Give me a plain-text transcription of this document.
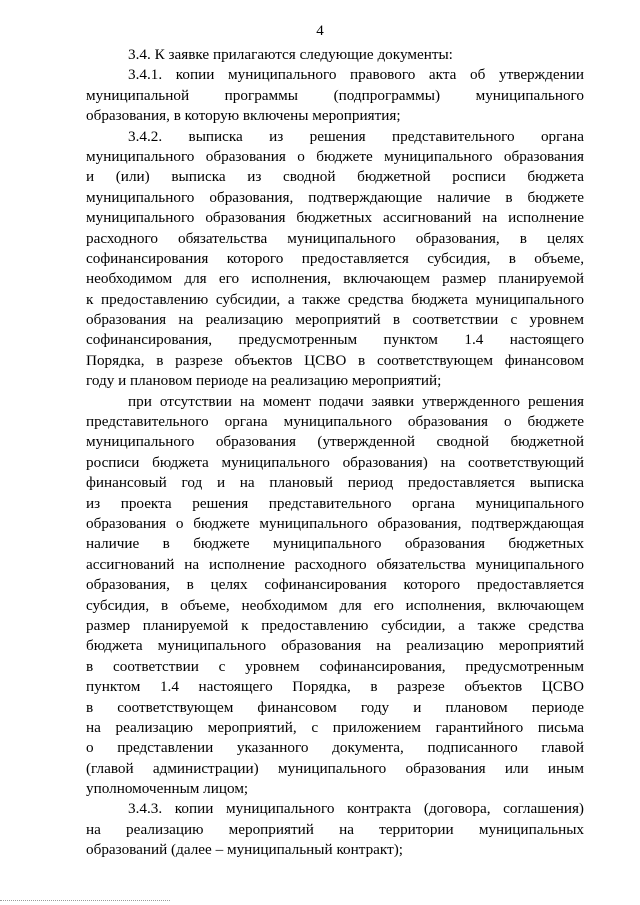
4
3.4. К заявке прилагаются следующие документы:
3.4.1. копии муниципального правового акта об утверждении
муниципальной программы (подпрограммы) муниципального
образования, в которую включены мероприятия;
3.4.2. выписка из решения представительного органа
муниципального образования о бюджете муниципального образования
и (или) выписка из сводной бюджетной росписи бюджета
муниципального образования, подтверждающие наличие в бюджете
муниципального образования бюджетных ассигнований на исполнение
расходного обязательства муниципального образования, в целях
софинансирования которого предоставляется субсидия, в объеме,
необходимом для его исполнения, включающем размер планируемой
к предоставлению субсидии, а также средства бюджета муниципального
образования на реализацию мероприятий в соответствии с уровнем
софинансирования, предусмотренным пунктом 1.4 настоящего
Порядка, в разрезе объектов ЦСВО в соответствующем финансовом
году и плановом периоде на реализацию мероприятий;
при отсутствии на момент подачи заявки утвержденного решения
представительного органа муниципального образования о бюджете
муниципального образования (утвержденной сводной бюджетной
росписи бюджета муниципального образования) на соответствующий
финансовый год и на плановый период предоставляется выписка
из проекта решения представительного органа муниципального
образования о бюджете муниципального образования, подтверждающая
наличие в бюджете муниципального образования бюджетных
ассигнований на исполнение расходного обязательства муниципального
образования, в целях софинансирования которого предоставляется
субсидия, в объеме, необходимом для его исполнения, включающем
размер планируемой к предоставлению субсидии, а также средства
бюджета муниципального образования на реализацию мероприятий
в соответствии с уровнем софинансирования, предусмотренным
пунктом 1.4 настоящего Порядка, в разрезе объектов ЦСВО
в соответствующем финансовом году и плановом периоде
на реализацию мероприятий, с приложением гарантийного письма
о представлении указанного документа, подписанного главой
(главой администрации) муниципального образования или иным
уполномоченным лицом;
3.4.3. копии муниципального контракта (договора, соглашения)
на реализацию мероприятий на территории муниципальных
образований (далее – муниципальный контракт);
